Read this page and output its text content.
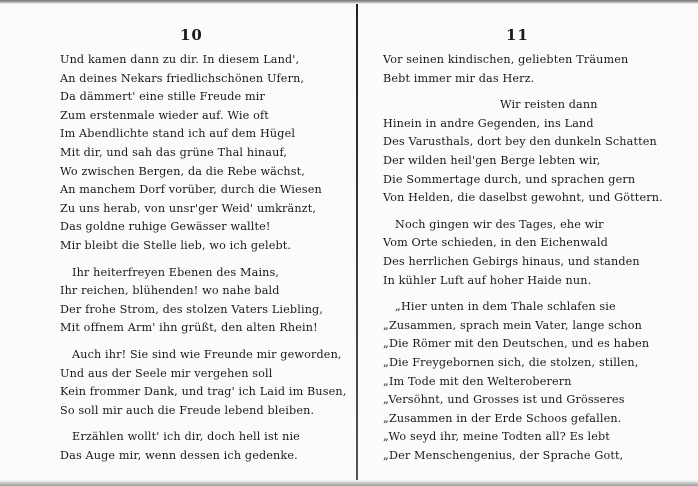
10
Und kamen dann zu dir. In diesem Land',
An deines Nekars friedlichschönen Ufern,
Da dämmert' eine stille Freude mir
Zum erstenmale wieder auf. Wie oft
Im Abendlichte stand ich auf dem Hügel
Mit dir, und sah das grüne Thal hinauf,
Wo zwischen Bergen, da die Rebe wächst,
An manchem Dorf vorüber, durch die Wiesen
Zu uns herab, von unsr'ger Weid' umkränzt,
Das goldne ruhige Gewässer wallte!
Mir bleibt die Stelle lieb, wo ich gelebt.
Ihr heiterfreyen Ebenen des Mains,
Ihr reichen, blühenden! wo nahe bald
Der frohe Strom, des stolzen Vaters Liebling,
Mit offnem Arm' ihn grüßt, den alten Rhein!
Auch ihr! Sie sind wie Freunde mir geworden,
Und aus der Seele mir vergehen soll
Kein frommer Dank, und trag' ich Laid im Busen,
So soll mir auch die Freude lebend bleiben.
Erzählen wollt' ich dir, doch hell ist nie
Das Auge mir, wenn dessen ich gedenke.
11
Vor seinen kindischen, geliebten Träumen
Bebt immer mir das Herz.
Wir reisten dann
Hinein in andre Gegenden, ins Land
Des Varusthals, dort bey den dunkeln Schatten
Der wilden heil'gen Berge lebten wir,
Die Sommertage durch, und sprachen gern
Von Helden, die daselbst gewohnt, und Göttern.
Noch gingen wir des Tages, ehe wir
Vom Orte schieden, in den Eichenwald
Des herrlichen Gebirgs hinaus, und standen
In kühler Luft auf hoher Haide nun.
„Hier unten in dem Thale schlafen sie
„Zusammen, sprach mein Vater, lange schon
„Die Römer mit den Deutschen, und es haben
„Die Freygebornen sich, die stolzen, stillen,
„Im Tode mit den Welteroberern
„Versöhnt, und Grosses ist und Grösseres
„Zusammen in der Erde Schoos gefallen.
„Wo seyd ihr, meine Todten all? Es lebt
„Der Menschengenius, der Sprache Gott,
